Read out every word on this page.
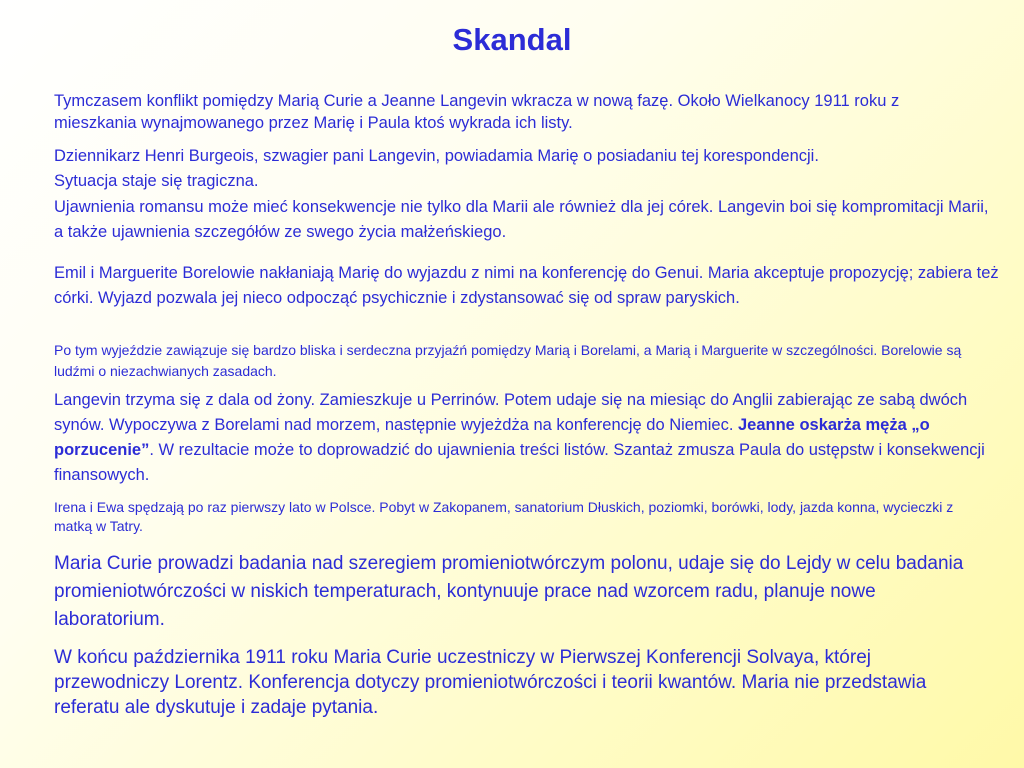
Skandal

Tymczasem konflikt pomiędzy Marią Curie a Jeanne Langevin wkracza w nową fazę. Około Wielkanocy 1911 roku z mieszkania wynajmowanego przez Marię i Paula ktoś wykrada ich listy.

Dziennikarz Henri Burgeois, szwagier pani Langevin, powiadamia Marię o posiadaniu tej korespondencji. Sytuacja staje się tragiczna.

Ujawnienia romansu może mieć konsekwencje nie tylko dla Marii ale również dla jej córek. Langevin boi się kompromitacji Marii, a także ujawnienia szczegółów ze swego życia małżeńskiego.

Emil i Marguerite Borelowie nakłaniają Marię do wyjazdu z nimi na konferencję do Genui. Maria akceptuje propozycję; zabiera też córki. Wyjazd pozwala jej nieco odpocząć psychicznie i zdystansować się od spraw paryskich.

Po tym wyjeździe zawiązuje się bardzo bliska i serdeczna przyjaźń pomiędzy Marią i Borelami, a Marią i Marguerite w szczególności. Borelowie są ludźmi o niezachwianych zasadach.

Langevin trzyma się z dala od żony. Zamieszkuje u Perrinów. Potem udaje się na miesiąc do Anglii zabierając ze sabą dwóch synów. Wypoczywa z Borelami nad morzem, następnie wyjeżdża na konferencję do Niemiec. Jeanne oskarża męża „o porzucenie”. W rezultacie może to doprowadzić do ujawnienia treści listów. Szantaż zmusza Paula do ustępstw i konsekwencji finansowych.

Irena i Ewa spędzają po raz pierwszy lato w Polsce. Pobyt w Zakopanem, sanatorium Dłuskich, poziomki, borówki, lody, jazda konna, wycieczki z matką w Tatry.

Maria Curie prowadzi badania nad szeregiem promieniotwórczym polonu, udaje się do Lejdy w celu badania promieniotwórczości w niskich temperaturach, kontynuuje prace nad wzorcem radu, planuje nowe laboratorium.

W końcu października 1911 roku Maria Curie uczestniczy w Pierwszej Konferencji Solvaya, której przewodniczy Lorentz. Konferencja dotyczy promieniotwórczości i teorii kwantów. Maria nie przedstawia referatu ale dyskutuje i zadaje pytania.
